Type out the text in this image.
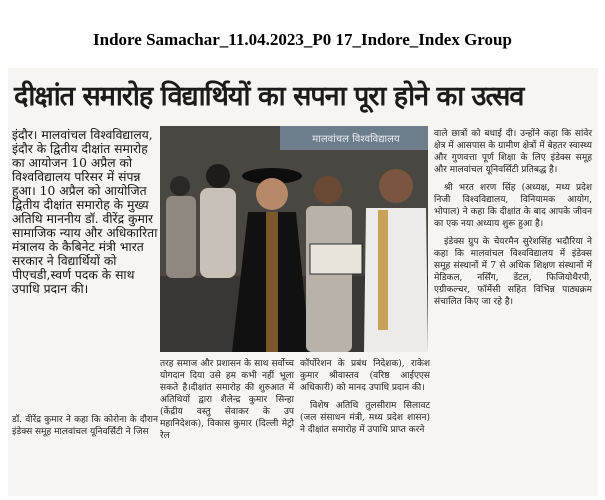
Indore Samachar_11.04.2023_P0 17_Indore_Index Group
दीक्षांत समारोह विद्यार्थियों का सपना पूरा होने का उत्सव
इंदौर। मालवांचल विश्वविद्यालय, इंदौर के द्वितीय दीक्षांत समारोह का आयोजन 10 अप्रैल को विश्वविद्यालय परिसर में संपन्न हुआ। 10 अप्रैल को आयोजित द्वितीय दीक्षांत समारोह के मुख्य अतिथि माननीय डॉ. वीरेंद्र कुमार सामाजिक न्याय और अधिकारिता मंत्रालय के कैबिनेट मंत्री भारत सरकार ने विद्यार्थियों को पीएचडी,स्वर्ण पदक के साथ उपाधि प्रदान की।
डॉ. वीरेंद्र कुमार ने कहा कि कोरोना के दौरान इंडेक्स समूह मालवांचल यूनिवर्सिटी ने जिस
मालवांचल विश्वविद्यालय

तरह समाज और प्रशासन के साथ सर्वोच्च योगदान दिया उसे हम कभी नहीं भूला सकते है।दीक्षांत समारोह की शुरुआत में अतिथियों द्वारा शैलेन्द्र कुमार सिन्हा (केंद्रीय वस्तु सेवाकर के उप महानिदेशक), विकास कुमार (दिल्ली मेट्रो रेल

कॉर्पोरेशन के प्रबंध निदेशक), राकेश कुमार श्रीवास्तव (वरिष्ठ आईएएस अधिकारी) को मानद उपाधि प्रदान की।

विशेष अतिथि तुलसीराम सिलावट (जल संसाधन मंत्री, मध्य प्रदेश शासन) ने दीक्षांत समारोह में उपाधि प्राप्त करने

वाले छात्रों को बधाई दी। उन्होंने कहा कि सांवेर क्षेत्र में आसपास के ग्रामीण क्षेत्रों में बेहतर स्वास्थ्य और गुणवत्ता पूर्ण शिक्षा के लिए इंडेक्स समूह और मालवांचल यूनिवर्सिटी प्रतिबद्ध है।

श्री भरत शरण सिंह (अध्यक्ष, मध्य प्रदेश निजी विश्वविद्यालय, विनियामक आयोग, भोपाल) ने कहा कि दीक्षांत के बाद आपके जीवन का एक नया अध्याय शुरू हुआ है।

इंडेक्स ग्रुप के चेयरमैन सुरेशसिंह भदौरिया ने कहा कि मालवांचल विश्वविद्यालय में इंडेक्स समूह संस्थानों में 7 से अधिक शिक्षण संस्थानों में मेडिकल, नर्सिंग, डेंटल, फिजियोथैरपी, एग्रीकल्चर, फॉर्मेसी सहित विभिन्न पाठ्यक्रम संचालित किए जा रहे है।
